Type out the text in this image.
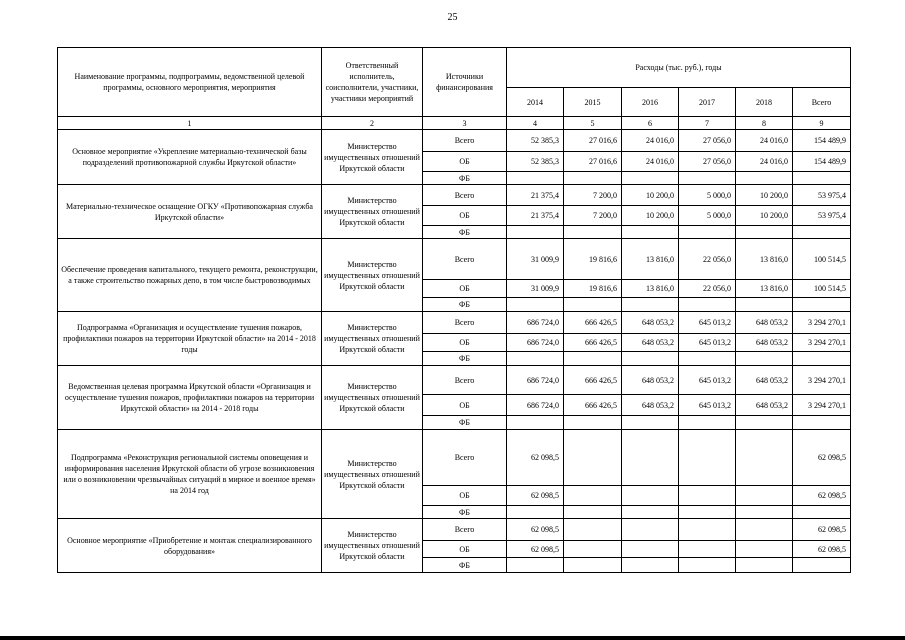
25
Наименование программы, подпрограммы, ведомственной целевой программы, основного мероприятия, мероприятия	Ответственный исполнитель, соисполнители, участники, участники мероприятий	Источники финансирования	Расходы (тыс. руб.), годы					
			2014	2015	2016	2017	2018	Всего
1	2	3	4	5	6	7	8	9
Основное мероприятие «Укрепление материально-технической базы подразделений противопожарной службы Иркутской области»	Министерство имущественных отношений Иркутской области	Всего	52 385,3	27 016,6	24 016,0	27 056,0	24 016,0	154 489,9
		ОБ	52 385,3	27 016,6	24 016,0	27 056,0	24 016,0	154 489,9
		ФБ						
Материально-техническое оснащение ОГКУ «Противопожарная служба Иркутской области»	Министерство имущественных отношений Иркутской области	Всего	21 375,4	7 200,0	10 200,0	5 000,0	10 200,0	53 975,4
		ОБ	21 375,4	7 200,0	10 200,0	5 000,0	10 200,0	53 975,4
		ФБ						
Обеспечение проведения капитального, текущего ремонта, реконструкции, а также строительство пожарных депо, в том числе быстровозводимых	Министерство имущественных отношений Иркутской области	Всего	31 009,9	19 816,6	13 816,0	22 056,0	13 816,0	100 514,5
		ОБ	31 009,9	19 816,6	13 816,0	22 056,0	13 816,0	100 514,5
		ФБ						
Подпрограмма «Организация и осуществление тушения пожаров, профилактики пожаров на территории Иркутской области» на 2014 - 2018 годы	Министерство имущественных отношений Иркутской области	Всего	686 724,0	666 426,5	648 053,2	645 013,2	648 053,2	3 294 270,1
		ОБ	686 724,0	666 426,5	648 053,2	645 013,2	648 053,2	3 294 270,1
		ФБ						
Ведомственная целевая программа Иркутской области «Организация и осуществление тушения пожаров, профилактики пожаров на территории Иркутской области» на 2014 - 2018 годы	Министерство имущественных отношений Иркутской области	Всего	686 724,0	666 426,5	648 053,2	645 013,2	648 053,2	3 294 270,1
		ОБ	686 724,0	666 426,5	648 053,2	645 013,2	648 053,2	3 294 270,1
		ФБ						
Подпрограмма «Реконструкция региональной системы оповещения и информирования населения Иркутской области об угрозе возникновения или о возникновении чрезвычайных ситуаций в мирное и военное время» на 2014 год	Министерство имущественных отношений Иркутской области	Всего	62 098,5					62 098,5
		ОБ	62 098,5					62 098,5
		ФБ						
Основное мероприятие «Приобретение и монтаж специализированного оборудования»	Министерство имущественных отношений Иркутской области	Всего	62 098,5					62 098,5
		ОБ	62 098,5					62 098,5
		ФБ						
